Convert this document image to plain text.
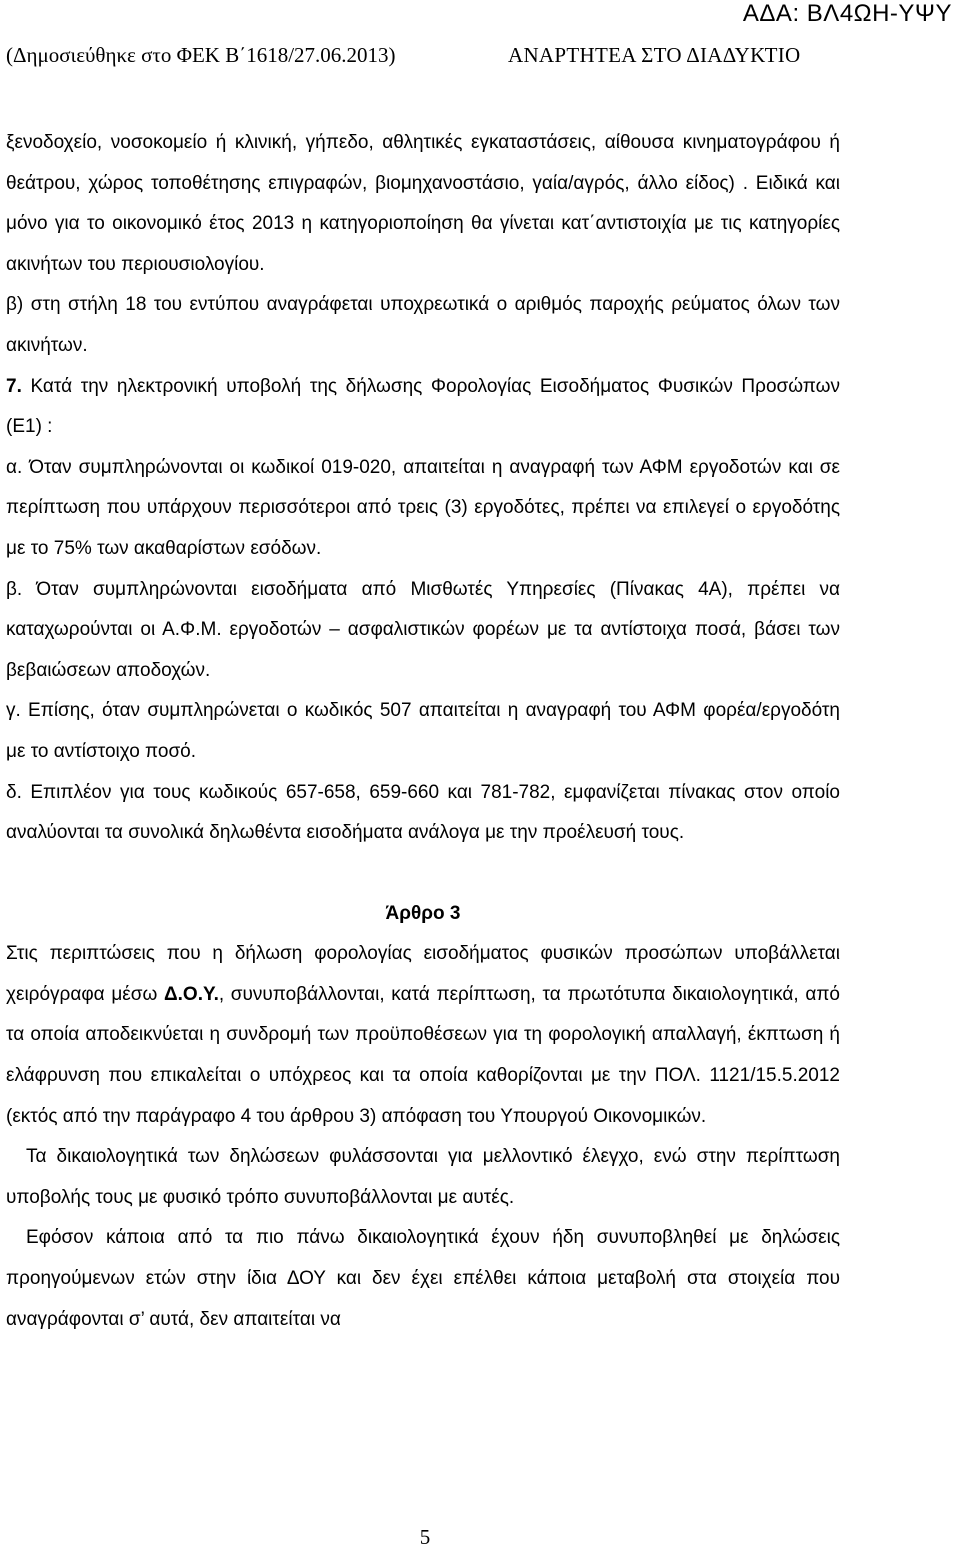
ΑΔΑ: ΒΛ4ΩΗ-ΥΨΥ
(Δημοσιεύθηκε στο ΦΕΚ Β΄1618/27.06.2013)	ΑΝΑΡΤΗΤΕΑ ΣΤΟ ΔΙΑΔΥΚΤΙΟ

ξενοδοχείο, νοσοκομείο ή κλινική, γήπεδο, αθλητικές εγκαταστάσεις, αίθουσα κινηματογράφου ή θεάτρου, χώρος τοποθέτησης επιγραφών, βιομηχανοστάσιο, γαία/αγρός, άλλο είδος) . Ειδικά και μόνο για το οικονομικό έτος 2013 η κατηγοριοποίηση θα γίνεται κατ΄αντιστοιχία με τις κατηγορίες ακινήτων του περιουσιολογίου.

β) στη στήλη 18 του εντύπου αναγράφεται υποχρεωτικά ο αριθμός παροχής ρεύματος όλων των ακινήτων.

7. Κατά την ηλεκτρονική υποβολή της δήλωσης Φορολογίας Εισοδήματος Φυσικών Προσώπων (Ε1) :

α. Όταν συμπληρώνονται οι κωδικοί 019-020, απαιτείται η αναγραφή των ΑΦΜ εργοδοτών και σε περίπτωση που υπάρχουν περισσότεροι από τρεις (3) εργοδότες, πρέπει να επιλεγεί ο εργοδότης με το 75% των ακαθαρίστων εσόδων.

β. Όταν συμπληρώνονται εισοδήματα από Μισθωτές Υπηρεσίες (Πίνακας 4Α), πρέπει να καταχωρούνται οι Α.Φ.Μ. εργοδοτών – ασφαλιστικών φορέων με τα αντίστοιχα ποσά, βάσει των βεβαιώσεων αποδοχών.

γ. Επίσης, όταν συμπληρώνεται ο κωδικός 507 απαιτείται η αναγραφή του ΑΦΜ φορέα/εργοδότη με το αντίστοιχο ποσό.

δ. Επιπλέον για τους κωδικούς 657-658, 659-660 και 781-782, εμφανίζεται πίνακας στον οποίο αναλύονται τα συνολικά δηλωθέντα εισοδήματα ανάλογα με την προέλευσή τους.

Άρθρο 3

Στις περιπτώσεις που η δήλωση φορολογίας εισοδήματος φυσικών προσώπων υποβάλλεται χειρόγραφα μέσω Δ.Ο.Υ., συνυποβάλλονται, κατά περίπτωση, τα πρωτότυπα δικαιολογητικά, από τα οποία αποδεικνύεται η συνδρομή των προϋποθέσεων για τη φορολογική απαλλαγή, έκπτωση ή ελάφρυνση που επικαλείται ο υπόχρεος και τα οποία καθορίζονται με την ΠΟΛ. 1121/15.5.2012 (εκτός από την παράγραφο 4 του άρθρου 3) απόφαση του Υπουργού Οικονομικών.

Τα δικαιολογητικά των δηλώσεων φυλάσσονται για μελλοντικό έλεγχο, ενώ στην περίπτωση υποβολής τους με φυσικό τρόπο συνυποβάλλονται με αυτές.

Εφόσον κάποια από τα πιο πάνω δικαιολογητικά έχουν ήδη συνυποβληθεί με δηλώσεις προηγούμενων ετών στην ίδια ΔΟΥ και δεν έχει επέλθει κάποια μεταβολή στα στοιχεία που αναγράφονται σ’ αυτά, δεν απαιτείται να

5
